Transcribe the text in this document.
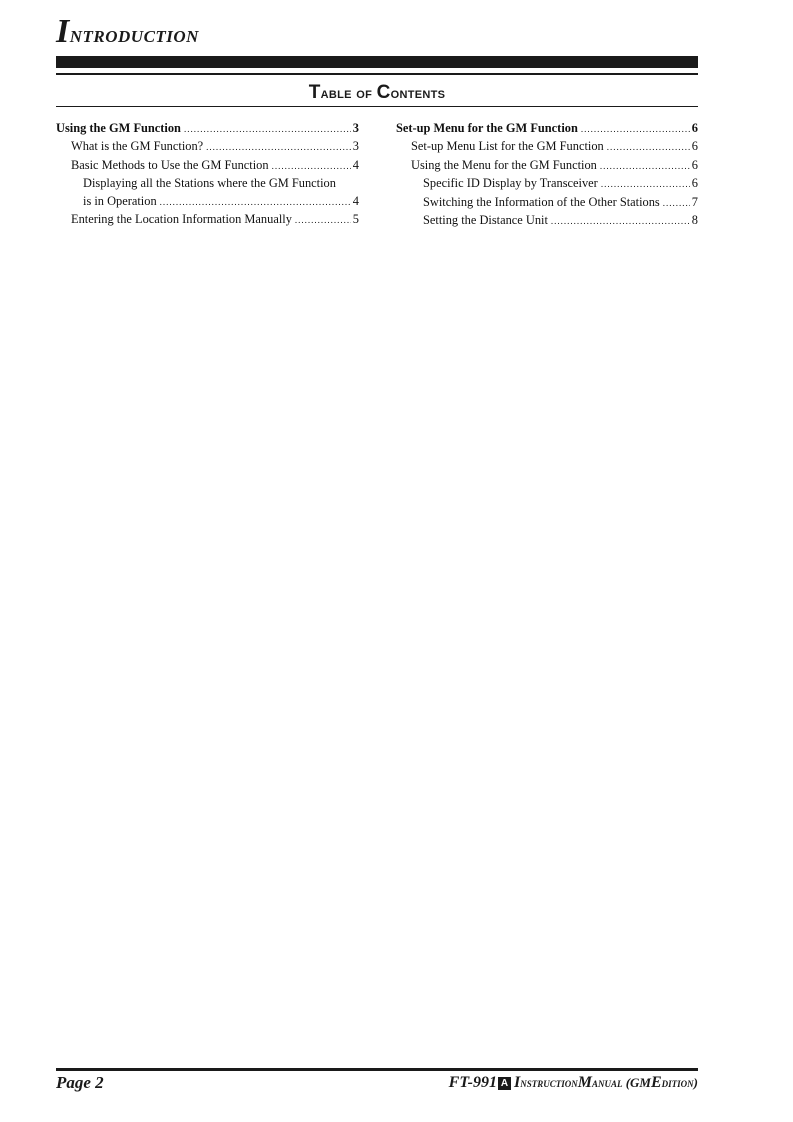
Introduction
Table of Contents
Using the GM Function .....	3
What is the GM Function? .....	3
Basic Methods to Use the GM Function .....	4
Displaying all the Stations where the GM Function
is in Operation .....	4
Entering the Location Information Manually .....	5
Set-up Menu for the GM Function .....	6
Set-up Menu List for the GM Function .....	6
Using the Menu for the GM Function .....	6
Specific ID Display by Transceiver .....	6
Switching the Information of the Other Stations .....	7
Setting the Distance Unit .....	8

Page 2	FT-991 A I nstruction M anual (GM E dition)
